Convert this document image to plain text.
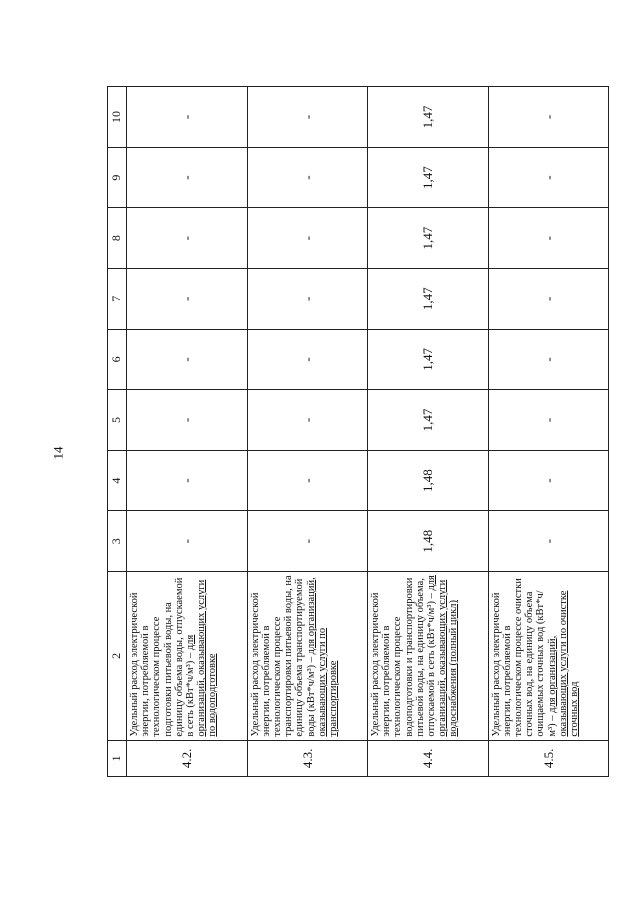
14
1	2	3	4	5	6	7	8	9	10
4.2.	Удельный расход электрической энергии, потребляемой в технологическом процессе подготовки питьевой воды, на единицу объема воды, отпускаемой в сеть (кВт*ч/м³) – для организаций, оказывающих услуги по водоподготовке	-	-	-	-	-	-	-	-
4.3.	Удельный расход электрической энергии, потребляемой в технологическом процессе транспортировки питьевой воды, на единицу объема транспортируемой воды (кВт*ч/м³) – для организаций, оказывающих услуги по транспортировке	-	-	-	-	-	-	-	-
4.4.	Удельный расход электрической энергии, потребляемой в технологическом процессе водоподготовки и транспортировки питьевой воды, на единицу объема, отпускаемой в сеть (кВт*ч/м³) – для организаций, оказывающих услуги водоснабжения (полный цикл)	1,48	1,48	1,47	1,47	1,47	1,47	1,47	1,47
4.5.	Удельный расход электрической энергии, потребляемой в технологическом процессе очистки сточных вод, на единицу объема очищаемых сточных вод (кВт*ч/ м³) – для организаций, оказывающих услуги по очистке сточных вод	-	-	-	-	-	-	-	-
